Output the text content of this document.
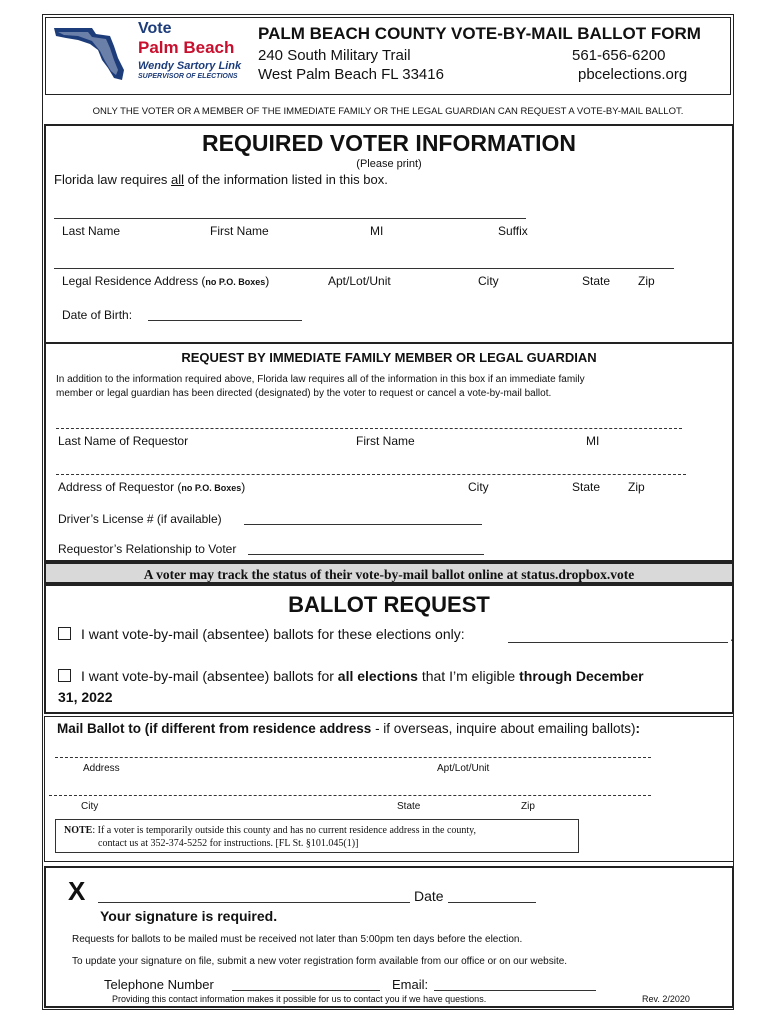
Vote
Palm Beach
Wendy Sartory Link
SUPERVISOR OF ELECTIONS
PALM BEACH COUNTY VOTE-BY-MAIL BALLOT FORM
240 South Military Trail
West Palm Beach FL 33416
561-656-6200
pbcelections.org
ONLY THE VOTER OR A MEMBER OF THE IMMEDIATE FAMILY OR THE LEGAL GUARDIAN CAN REQUEST A VOTE-BY-MAIL BALLOT.
REQUIRED VOTER INFORMATION
(Please print)
Florida law requires all of the information listed in this box.
Last Name	First Name	MI	Suffix
Legal Residence Address (no P.O. Boxes)	Apt/Lot/Unit	City	State Zip
Date of Birth:
REQUEST BY IMMEDIATE FAMILY MEMBER OR LEGAL GUARDIAN
In addition to the information required above, Florida law requires all of the information in this box if an immediate family
member or legal guardian has been directed (designated) by the voter to request or cancel a vote-by-mail ballot.
Last Name of Requestor	First Name	MI
Address of Requestor (no P.O. Boxes)	City	State Zip
Driver’s License # (if available)
Requestor’s Relationship to Voter
A voter may track the status of their vote-by-mail ballot online at status.dropbox.vote
BALLOT REQUEST
I want vote-by-mail (absentee) ballots for these elections only:	.
I want vote-by-mail (absentee) ballots for all elections that I’m eligible through December
31, 2022
Mail Ballot to (if different from residence address - if overseas, inquire about emailing ballots):
Address	Apt/Lot/Unit
City	State	Zip
NOTE: If a voter is temporarily outside this county and has no current residence address in the county,
contact us at 352-374-5252 for instructions. [FL St. §101.045(1)]
X	Date
Your signature is required.
Requests for ballots to be mailed must be received not later than 5:00pm ten days before the election.
To update your signature on file, submit a new voter registration form available from our office or on our website.
Telephone Number	Email:
Providing this contact information makes it possible for us to contact you if we have questions.	Rev. 2/2020
